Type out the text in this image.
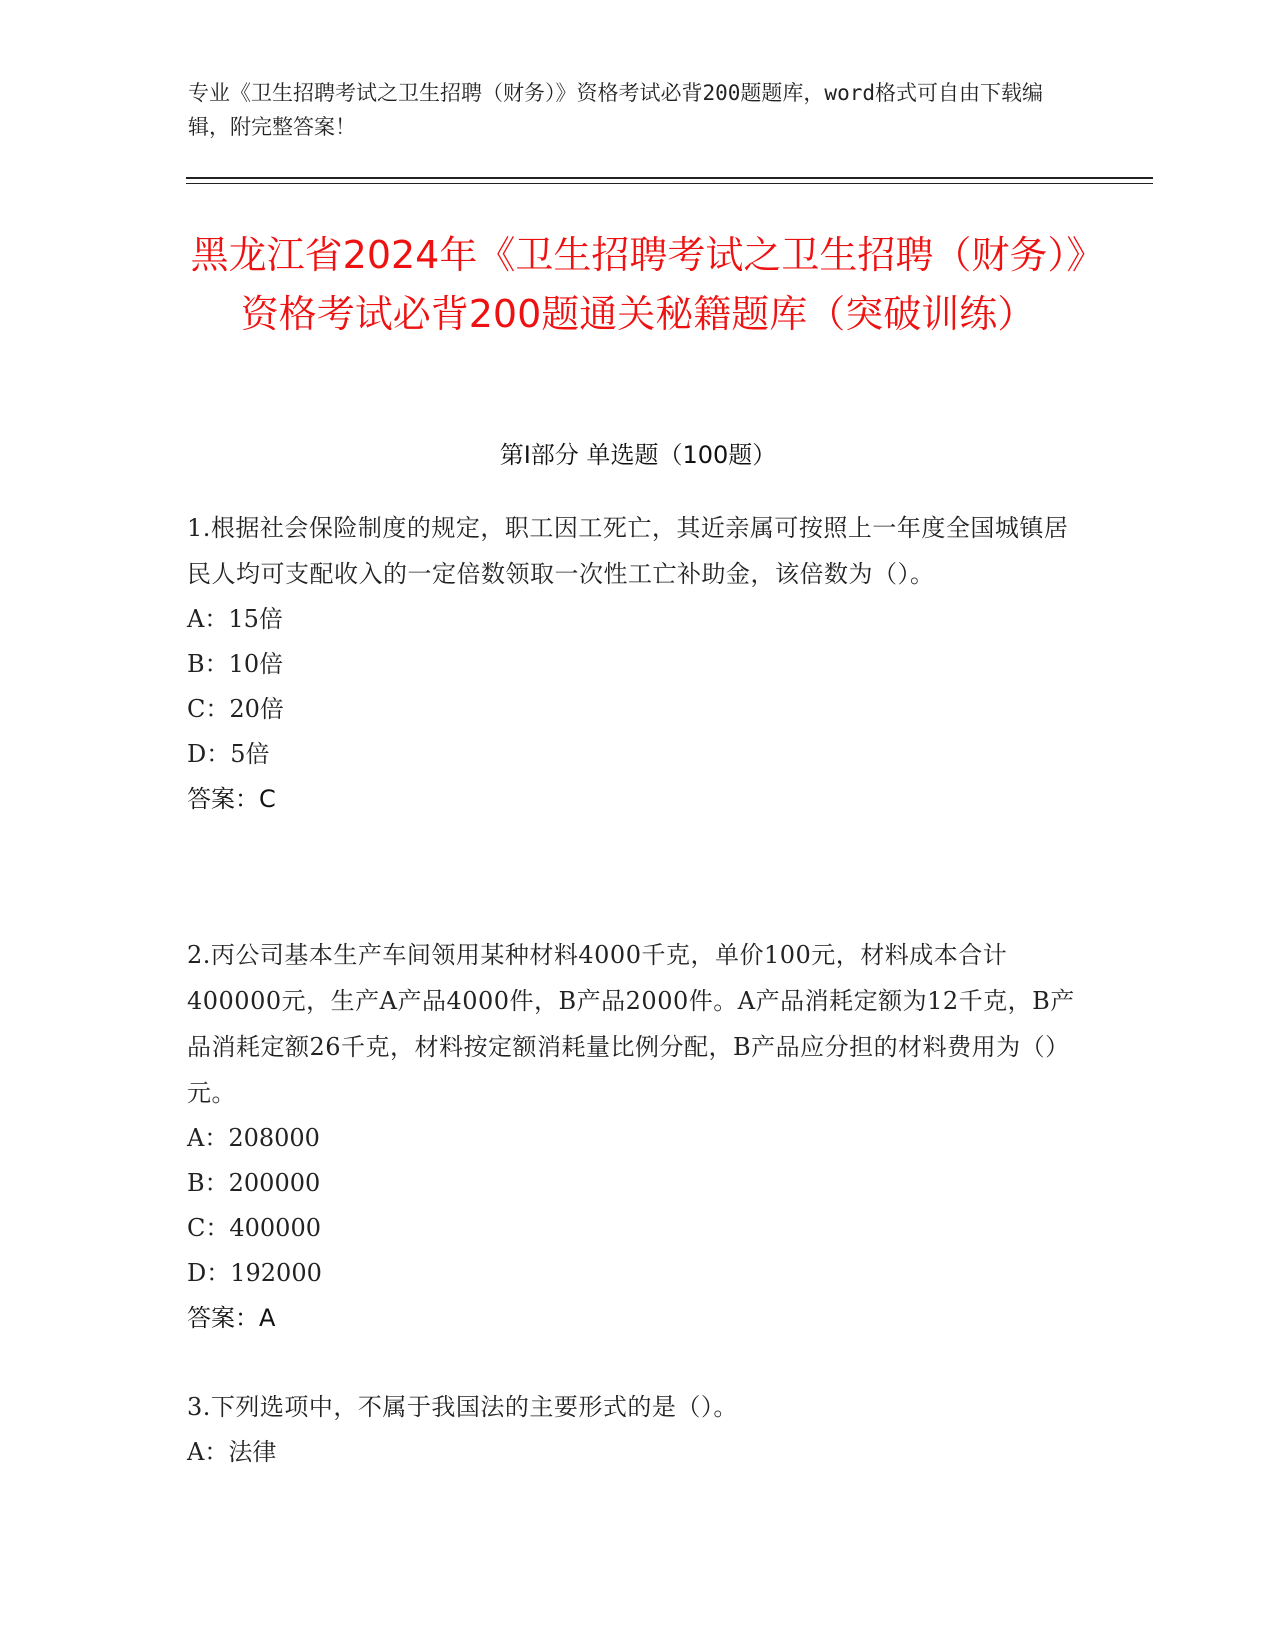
专业《卫生招聘考试之卫生招聘（财务）》资格考试必背200题题库，word格式可自由下载编辑，附完整答案！
黑龙江省2024年《卫生招聘考试之卫生招聘（财务）》资格考试必背200题通关秘籍题库（突破训练）
第I部分 单选题（100题）
1.根据社会保险制度的规定，职工因工死亡，其近亲属可按照上一年度全国城镇居民人均可支配收入的一定倍数领取一次性工亡补助金，该倍数为（）。
A：15倍
B：10倍
C：20倍
D：5倍
答案：C
2.丙公司基本生产车间领用某种材料4000千克，单价100元，材料成本合计400000元，生产A产品4000件，B产品2000件。A产品消耗定额为12千克，B产品消耗定额26千克，材料按定额消耗量比例分配，B产品应分担的材料费用为（）元。
A：208000
B：200000
C：400000
D：192000
答案：A
3.下列选项中，不属于我国法的主要形式的是（）。
A：法律
